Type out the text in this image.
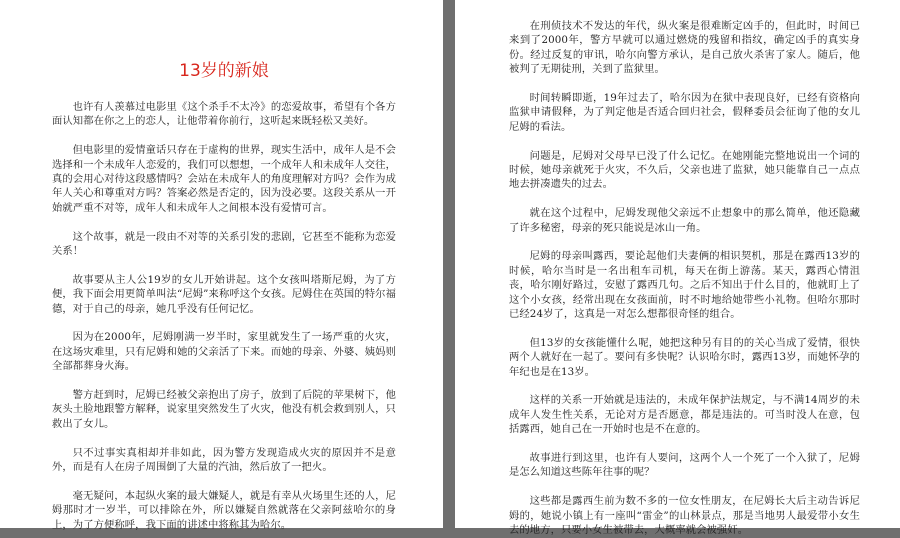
13岁的新娘

也许有人羡慕过电影里《这个杀手不太冷》的恋爱故事，希望有个各方面认知都在你之上的恋人，让他带着你前行，这听起来既轻松又美好。

但电影里的爱情童话只存在于虚构的世界，现实生活中，成年人是不会选择和一个未成年人恋爱的，我们可以想想，一个成年人和未成年人交往，真的会用心对待这段感情吗？会站在未成年人的角度理解对方吗？会作为成年人关心和尊重对方吗？答案必然是否定的，因为没必要。这段关系从一开始就严重不对等，成年人和未成年人之间根本没有爱情可言。

这个故事，就是一段由不对等的关系引发的悲剧，它甚至不能称为恋爱关系！

故事要从主人公19岁的女儿开始讲起。这个女孩叫塔斯尼姆，为了方便，我下面会用更简单叫法“尼姆”来称呼这个女孩。尼姆住在英国的特尔福德，对于自己的母亲，她几乎没有任何记忆。

因为在2000年，尼姆刚满一岁半时，家里就发生了一场严重的火灾，在这场灾难里，只有尼姆和她的父亲活了下来。而她的母亲、外婆、姨妈则全部都葬身火海。

警方赶到时，尼姆已经被父亲抱出了房子，放到了后院的苹果树下，他灰头土脸地跟警方解释，说家里突然发生了火灾，他没有机会救到别人，只救出了女儿。

只不过事实真相却并非如此，因为警方发现造成火灾的原因并不是意外，而是有人在房子周围倒了大量的汽油，然后放了一把火。

毫无疑问，本起纵火案的最大嫌疑人，就是有幸从火场里生还的人，尼姆那时才一岁半，可以排除在外，所以嫌疑自然就落在父亲阿兹哈尔的身上，为了方便称呼，我下面的讲述中将称其为哈尔。

在刑侦技术不发达的年代，纵火案是很难断定凶手的，但此时，时间已来到了2000年，警方早就可以通过燃烧的残留和指纹，确定凶手的真实身份。经过反复的审讯，哈尔向警方承认，是自己放火杀害了家人。随后，他被判了无期徒刑，关到了监狱里。

时间转瞬即逝，19年过去了，哈尔因为在狱中表现良好，已经有资格向监狱申请假释，为了判定他是否适合回归社会，假释委员会征询了他的女儿尼姆的看法。

问题是，尼姆对父母早已没了什么记忆。在她刚能完整地说出一个词的时候，她母亲就死于火灾，不久后，父亲也进了监狱，她只能靠自己一点点地去拼凑遗失的过去。

就在这个过程中，尼姆发现他父亲远不止想象中的那么简单，他还隐藏了许多秘密，母亲的死只能说是冰山一角。

尼姆的母亲叫露西，要论起他们夫妻俩的相识契机，那是在露西13岁的时候，哈尔当时是一名出租车司机，每天在街上游荡。某天，露西心情沮丧，哈尔刚好路过，安慰了露西几句。之后不知出于什么目的，他就盯上了这个小女孩，经常出现在女孩面前，时不时地给她带些小礼物。但哈尔那时已经24岁了，这真是一对怎么想都很奇怪的组合。

但13岁的女孩能懂什么呢，她把这种另有目的的关心当成了爱情，很快两个人就好在一起了。要问有多快呢？认识哈尔时，露西13岁，而她怀孕的年纪也是在13岁。

这样的关系一开始就是违法的，未成年保护法规定，与不满14周岁的未成年人发生性关系，无论对方是否愿意，都是违法的。可当时没人在意，包括露西，她自己在一开始时也是不在意的。

故事进行到这里，也许有人要问，这两个人一个死了一个入狱了，尼姆是怎么知道这些陈年往事的呢？

这些都是露西生前为数不多的一位女性朋友，在尼姆长大后主动告诉尼姆的，她说小镇上有一座叫“雷金”的山林景点，那是当地男人最爱带小女生去的地方，只要小女生被带去，大概率就会被强奸。
